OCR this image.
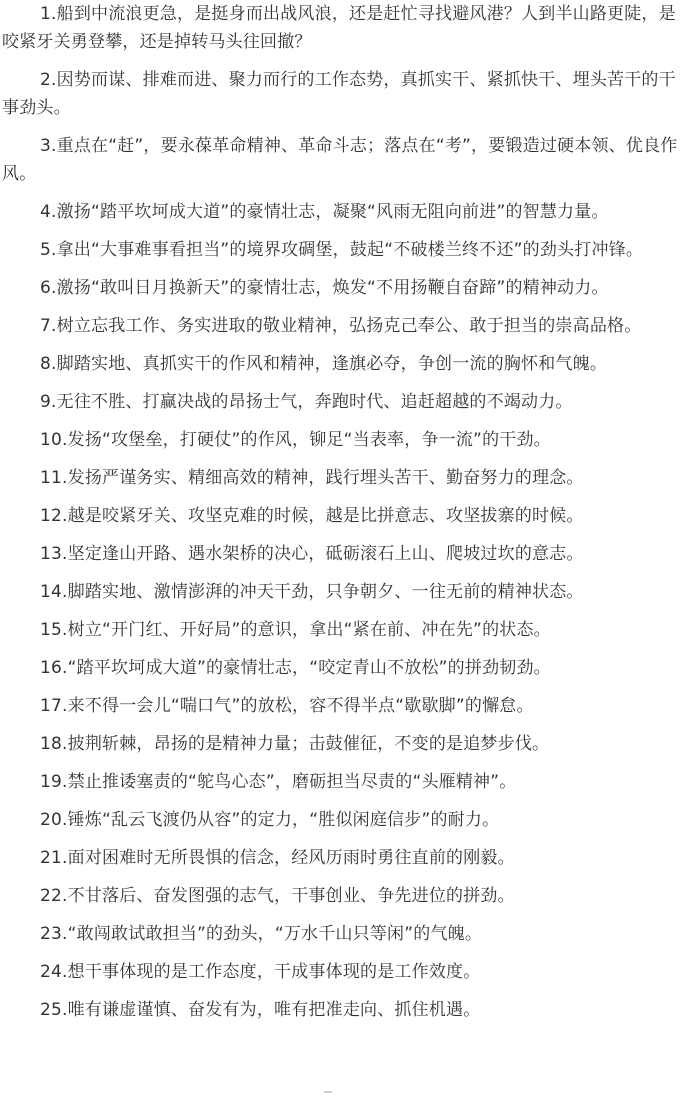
1.船到中流浪更急，是挺身而出战风浪，还是赶忙寻找避风港？人到半山路更陡，是咬紧牙关勇登攀，还是掉转马头往回撤？

2.因势而谋、排难而进、聚力而行的工作态势，真抓实干、紧抓快干、埋头苦干的干事劲头。

3.重点在“赶”，要永葆革命精神、革命斗志；落点在“考”，要锻造过硬本领、优良作风。

4.激扬“踏平坎坷成大道”的豪情壮志，凝聚“风雨无阻向前进”的智慧力量。

5.拿出“大事难事看担当”的境界攻碉堡，鼓起“不破楼兰终不还”的劲头打冲锋。

6.激扬“敢叫日月换新天”的豪情壮志，焕发“不用扬鞭自奋蹄”的精神动力。

7.树立忘我工作、务实进取的敬业精神，弘扬克己奉公、敢于担当的崇高品格。

8.脚踏实地、真抓实干的作风和精神，逢旗必夺，争创一流的胸怀和气魄。

9.无往不胜、打赢决战的昂扬士气，奔跑时代、追赶超越的不竭动力。

10.发扬“攻堡垒，打硬仗”的作风，铆足“当表率，争一流”的干劲。

11.发扬严谨务实、精细高效的精神，践行埋头苦干、勤奋努力的理念。

12.越是咬紧牙关、攻坚克难的时候，越是比拼意志、攻坚拔寨的时候。

13.坚定逢山开路、遇水架桥的决心，砥砺滚石上山、爬坡过坎的意志。

14.脚踏实地、激情澎湃的冲天干劲，只争朝夕、一往无前的精神状态。

15.树立“开门红、开好局”的意识，拿出“紧在前、冲在先”的状态。

16.“踏平坎坷成大道”的豪情壮志，“咬定青山不放松”的拼劲韧劲。

17.来不得一会儿“喘口气”的放松，容不得半点“歇歇脚”的懈怠。

18.披荆斩棘，昂扬的是精神力量；击鼓催征，不变的是追梦步伐。

19.禁止推诿塞责的“鸵鸟心态”，磨砺担当尽责的“头雁精神”。

20.锤炼“乱云飞渡仍从容”的定力，“胜似闲庭信步”的耐力。

21.面对困难时无所畏惧的信念，经风历雨时勇往直前的刚毅。

22.不甘落后、奋发图强的志气，干事创业、争先进位的拼劲。

23.“敢闯敢试敢担当”的劲头，“万水千山只等闲”的气魄。

24.想干事体现的是工作态度，干成事体现的是工作效度。

25.唯有谦虚谨慎、奋发有为，唯有把准走向、抓住机遇。
